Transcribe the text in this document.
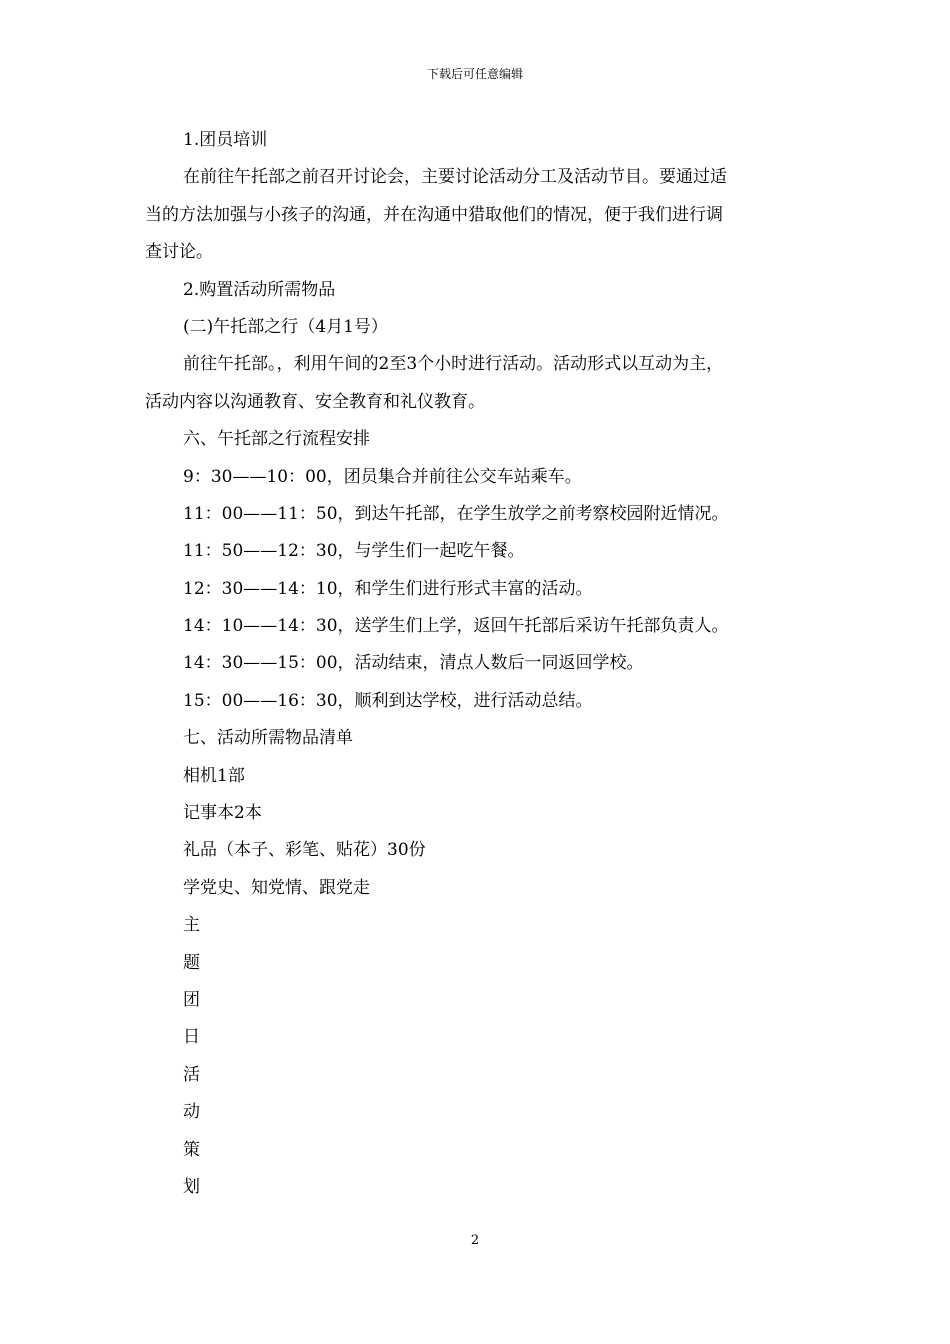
下载后可任意编辑
1.团员培训
在前往午托部之前召开讨论会，主要讨论活动分工及活动节目。要通过适
当的方法加强与小孩子的沟通，并在沟通中猎取他们的情况，便于我们进行调
查讨论。
2.购置活动所需物品
(二)午托部之行（4月1号）
前往午托部。，利用午间的2至3个小时进行活动。活动形式以互动为主，
活动内容以沟通教育、安全教育和礼仪教育。
六、午托部之行流程安排
9：30——10：00，团员集合并前往公交车站乘车。
11：00——11：50，到达午托部，在学生放学之前考察校园附近情况。
11：50——12：30，与学生们一起吃午餐。
12：30——14：10，和学生们进行形式丰富的活动。
14：10——14：30，送学生们上学，返回午托部后采访午托部负责人。
14：30——15：00，活动结束，清点人数后一同返回学校。
15：00——16：30，顺利到达学校，进行活动总结。
七、活动所需物品清单
相机1部
记事本2本
礼品（本子、彩笔、贴花）30份
学党史、知党情、跟党走
主
题
团
日
活
动
策
划
2
